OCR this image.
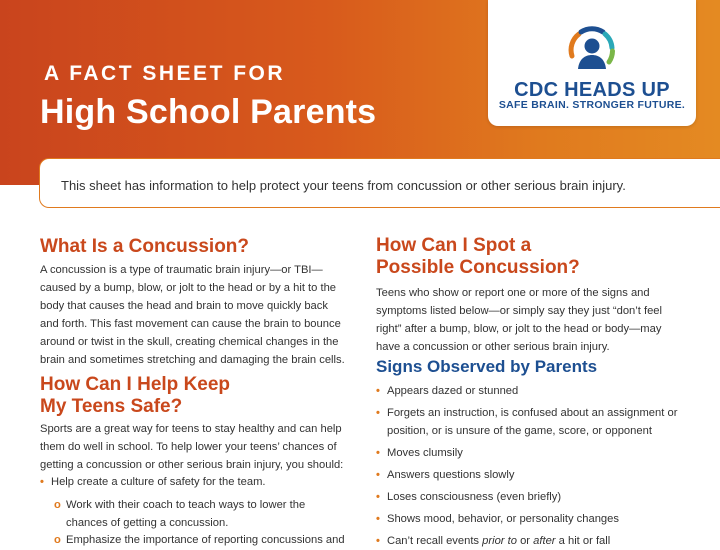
A FACT SHEET FOR
High School Parents
CDC HEADS UP
SAFE BRAIN. STRONGER FUTURE.
This sheet has information to help protect your teens from concussion or other serious brain injury.
What Is a Concussion?
A concussion is a type of traumatic brain injury—or TBI—
caused by a bump, blow, or jolt to the head or by a hit to the
body that causes the head and brain to move quickly back
and forth. This fast movement can cause the brain to bounce
around or twist in the skull, creating chemical changes in the
brain and sometimes stretching and damaging the brain cells.
How Can I Help Keep
My Teens Safe?
Sports are a great way for teens to stay healthy and can help
them do well in school. To help lower your teens’ chances of
getting a concussion or other serious brain injury, you should:
• Help create a culture of safety for the team.
o Work with their coach to teach ways to lower the
chances of getting a concussion.
o Emphasize the importance of reporting concussions and
How Can I Spot a
Possible Concussion?
Teens who show or report one or more of the signs and
symptoms listed below—or simply say they just “don’t feel
right” after a bump, blow, or jolt to the head or body—may
have a concussion or other serious brain injury.
Signs Observed by Parents
• Appears dazed or stunned
• Forgets an instruction, is confused about an assignment or
position, or is unsure of the game, score, or opponent
• Moves clumsily
• Answers questions slowly
• Loses consciousness (even briefly)
• Shows mood, behavior, or personality changes
• Can’t recall events prior to or after a hit or fall
